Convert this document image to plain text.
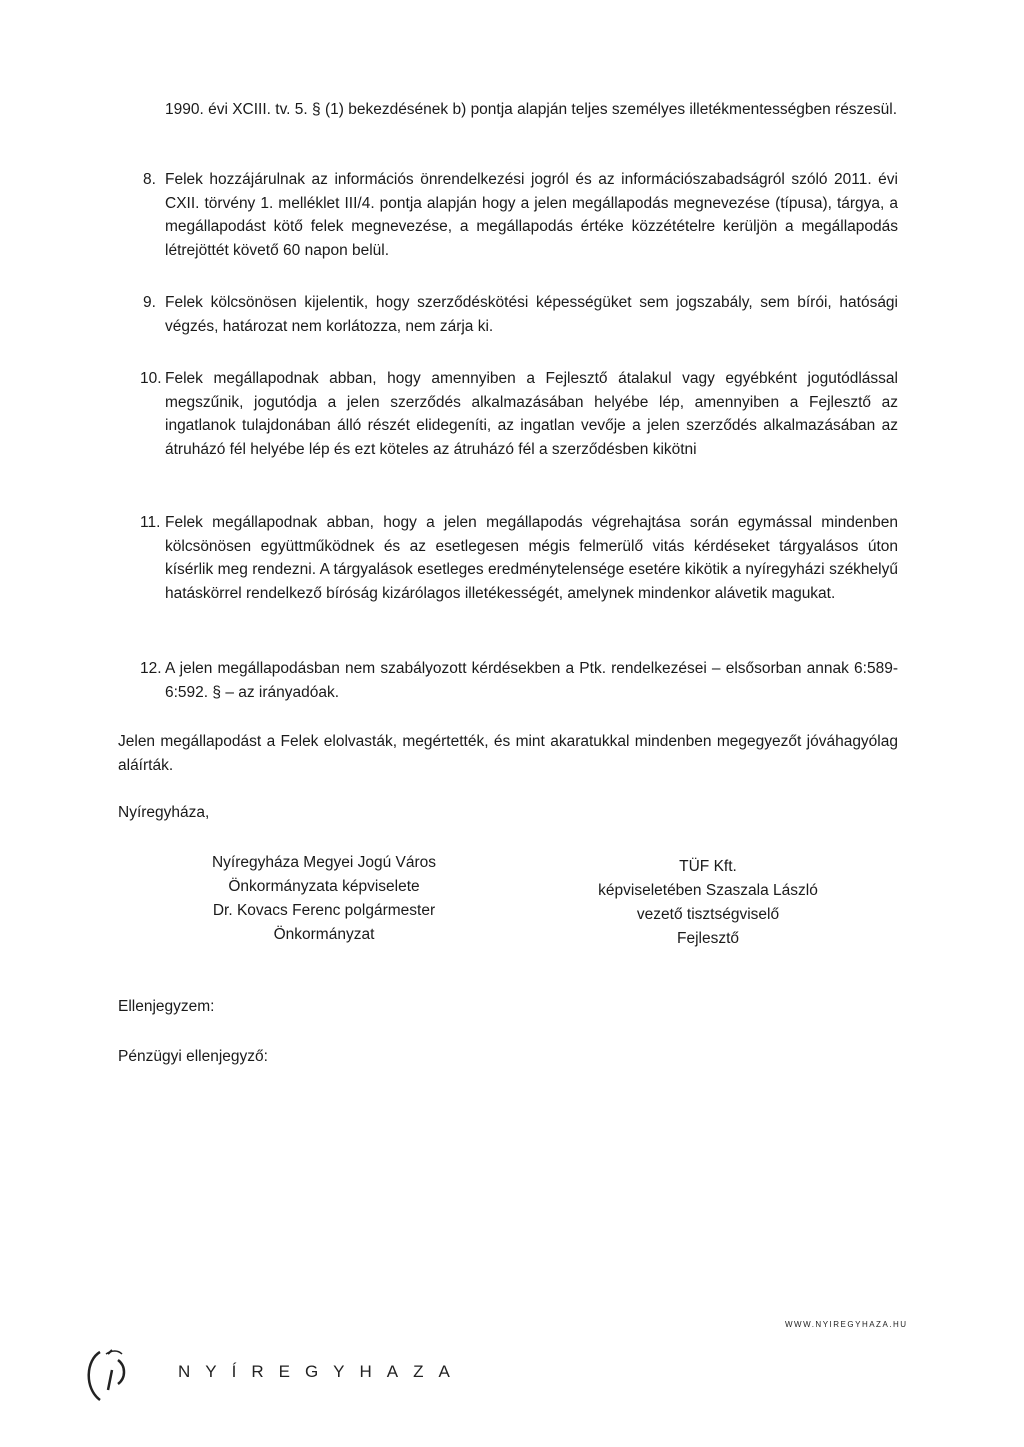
1990. évi XCIII. tv. 5. § (1) bekezdésének b) pontja alapján teljes személyes illetékmentességben részesül.

8. Felek hozzájárulnak az információs önrendelkezési jogról és az információszabadságról szóló 2011. évi CXII. törvény 1. melléklet III/4. pontja alapján hogy a jelen megállapodás megnevezése (típusa), tárgya, a megállapodást kötő felek megnevezése, a megállapodás értéke közzétételre kerüljön a megállapodás létrejöttét követő 60 napon belül.

9. Felek kölcsönösen kijelentik, hogy szerződéskötési képességüket sem jogszabály, sem bírói, hatósági végzés, határozat nem korlátozza, nem zárja ki.

10. Felek megállapodnak abban, hogy amennyiben a Fejlesztő átalakul vagy egyébként jogutódlással megszűnik, jogutódja a jelen szerződés alkalmazásában helyébe lép, amennyiben a Fejlesztő az ingatlanok tulajdonában álló részét elidegeníti, az ingatlan vevője a jelen szerződés alkalmazásában az átruházó fél helyébe lép és ezt köteles az átruházó fél a szerződésben kikötni

11. Felek megállapodnak abban, hogy a jelen megállapodás végrehajtása során egymással mindenben kölcsönösen együttműködnek és az esetlegesen mégis felmerülő vitás kérdéseket tárgyalásos úton kísérlik meg rendezni. A tárgyalások esetleges eredménytelensége esetére kikötik a nyíregyházi székhelyű hatáskörrel rendelkező bíróság kizárólagos illetékességét, amelynek mindenkor alávetik magukat.

12. A jelen megállapodásban nem szabályozott kérdésekben a Ptk. rendelkezései – elsősorban annak 6:589-6:592. § – az irányadóak.

Jelen megállapodást a Felek elolvasták, megértették, és mint akaratukkal mindenben megegyezőt jóváhagyólag aláírták.

Nyíregyháza,

Nyíregyháza Megyei Jogú Város
Önkormányzata képviselete
Dr. Kovacs Ferenc polgármester
Önkormányzat
TÜF Kft.
képviseletében Szaszala László
vezető tisztségviselő
Fejlesztő

Ellenjegyzem:

Pénzügyi ellenjegyző:

WWW.NYIREGYHAZA.HU
NYÍREGYHAZA
